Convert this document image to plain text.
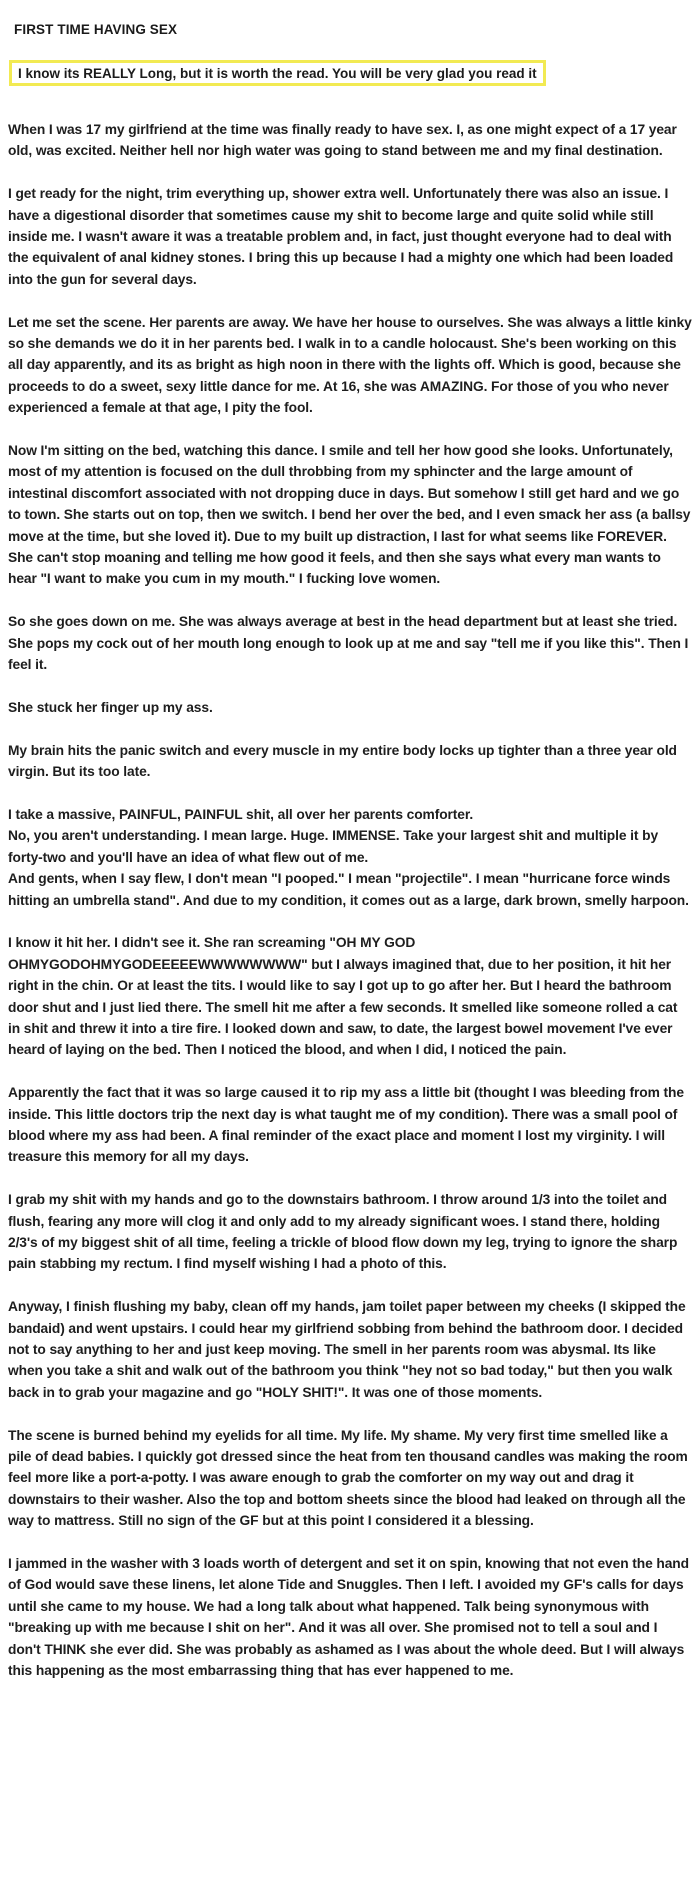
FIRST TIME HAVING SEX
I know its REALLY Long, but it is worth the read. You will be very glad you read it

When I was 17 my girlfriend at the time was finally ready to have sex. I, as one might expect of a 17 year old, was excited. Neither hell nor high water was going to stand between me and my final destination.

I get ready for the night, trim everything up, shower extra well. Unfortunately there was also an issue. I have a digestional disorder that sometimes cause my shit to become large and quite solid while still inside me. I wasn't aware it was a treatable problem and, in fact, just thought everyone had to deal with the equivalent of anal kidney stones. I bring this up because I had a mighty one which had been loaded into the gun for several days.

Let me set the scene. Her parents are away. We have her house to ourselves. She was always a little kinky so she demands we do it in her parents bed. I walk in to a candle holocaust. She's been working on this all day apparently, and its as bright as high noon in there with the lights off. Which is good, because she proceeds to do a sweet, sexy little dance for me. At 16, she was AMAZING. For those of you who never experienced a female at that age, I pity the fool.

Now I'm sitting on the bed, watching this dance. I smile and tell her how good she looks. Unfortunately, most of my attention is focused on the dull throbbing from my sphincter and the large amount of intestinal discomfort associated with not dropping duce in days. But somehow I still get hard and we go to town. She starts out on top, then we switch. I bend her over the bed, and I even smack her ass (a ballsy move at the time, but she loved it). Due to my built up distraction, I last for what seems like FOREVER. She can't stop moaning and telling me how good it feels, and then she says what every man wants to hear "I want to make you cum in my mouth." I fucking love women.

So she goes down on me. She was always average at best in the head department but at least she tried. She pops my cock out of her mouth long enough to look up at me and say "tell me if you like this". Then I feel it.

She stuck her finger up my ass.

My brain hits the panic switch and every muscle in my entire body locks up tighter than a three year old virgin. But its too late.

I take a massive, PAINFUL, PAINFUL shit, all over her parents comforter.

No, you aren't understanding. I mean large. Huge. IMMENSE. Take your largest shit and multiple it by forty-two and you'll have an idea of what flew out of me.

And gents, when I say flew, I don't mean "I pooped." I mean "projectile". I mean "hurricane force winds hitting an umbrella stand". And due to my condition, it comes out as a large, dark brown, smelly harpoon.

I know it hit her. I didn't see it. She ran screaming "OH MY GOD OHMYGODOHMYGODEEEEEWWWWWWWW" but I always imagined that, due to her position, it hit her right in the chin. Or at least the tits. I would like to say I got up to go after her. But I heard the bathroom door shut and I just lied there. The smell hit me after a few seconds. It smelled like someone rolled a cat in shit and threw it into a tire fire. I looked down and saw, to date, the largest bowel movement I've ever heard of laying on the bed. Then I noticed the blood, and when I did, I noticed the pain.

Apparently the fact that it was so large caused it to rip my ass a little bit (thought I was bleeding from the inside. This little doctors trip the next day is what taught me of my condition). There was a small pool of blood where my ass had been. A final reminder of the exact place and moment I lost my virginity. I will treasure this memory for all my days.

I grab my shit with my hands and go to the downstairs bathroom. I throw around 1/3 into the toilet and flush, fearing any more will clog it and only add to my already significant woes. I stand there, holding 2/3's of my biggest shit of all time, feeling a trickle of blood flow down my leg, trying to ignore the sharp pain stabbing my rectum. I find myself wishing I had a photo of this.

Anyway, I finish flushing my baby, clean off my hands, jam toilet paper between my cheeks (I skipped the bandaid) and went upstairs. I could hear my girlfriend sobbing from behind the bathroom door. I decided not to say anything to her and just keep moving. The smell in her parents room was abysmal. Its like when you take a shit and walk out of the bathroom you think "hey not so bad today," but then you walk back in to grab your magazine and go "HOLY SHIT!". It was one of those moments.

The scene is burned behind my eyelids for all time. My life. My shame. My very first time smelled like a pile of dead babies. I quickly got dressed since the heat from ten thousand candles was making the room feel more like a port-a-potty. I was aware enough to grab the comforter on my way out and drag it downstairs to their washer. Also the top and bottom sheets since the blood had leaked on through all the way to mattress. Still no sign of the GF but at this point I considered it a blessing.

I jammed in the washer with 3 loads worth of detergent and set it on spin, knowing that not even the hand of God would save these linens, let alone Tide and Snuggles. Then I left. I avoided my GF's calls for days until she came to my house. We had a long talk about what happened. Talk being synonymous with "breaking up with me because I shit on her". And it was all over. She promised not to tell a soul and I don't THINK she ever did. She was probably as ashamed as I was about the whole deed. But I will always this happening as the most embarrassing thing that has ever happened to me.
